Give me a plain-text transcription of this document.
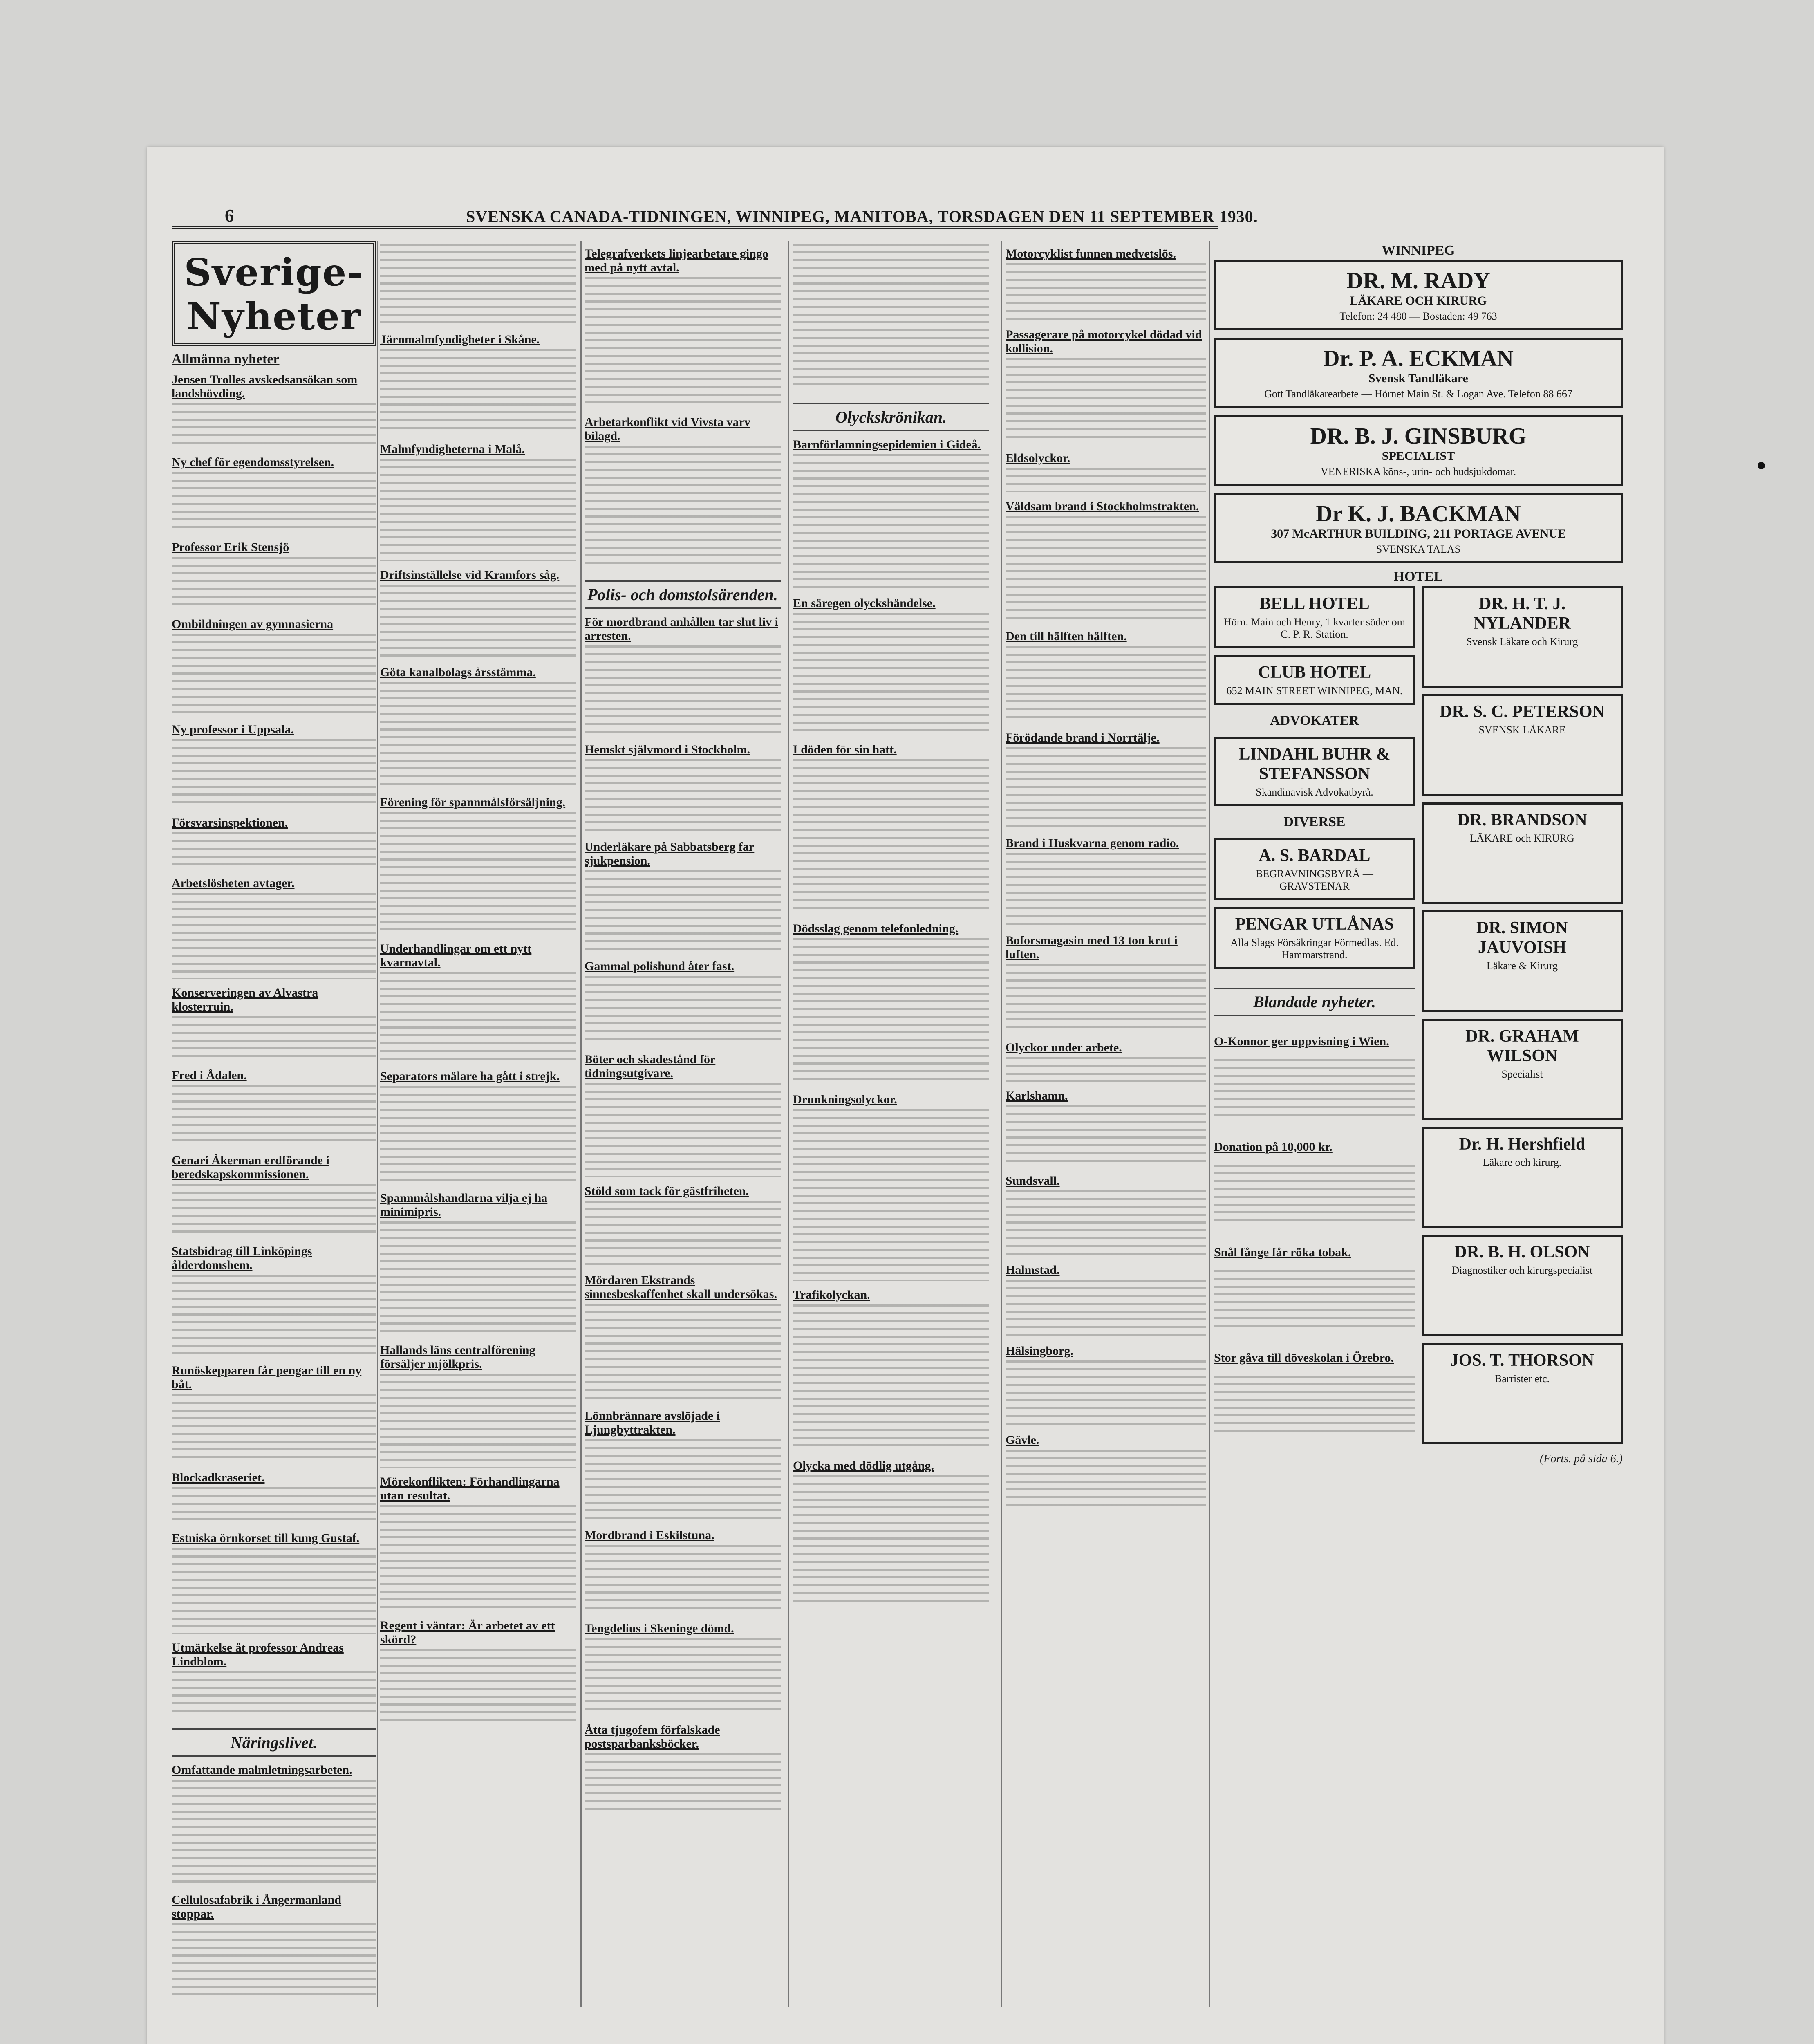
6	SVENSKA CANADA-TIDNINGEN, WINNIPEG, MANITOBA, TORSDAGEN DEN 11 SEPTEMBER 1930.
Sverige-Nyheter
Allmänna nyheter
Jensen Trolles avskedsansökan som landshövding.
Ny chef för egendomsstyrelsen.
Professor Erik Stensjö
Ombildningen av gymnasierna
Ny professor i Uppsala.
Försvarsinspektionen.
Arbetslösheten avtager.
Konserveringen av Alvastra klosterruin.
Fred i Ådalen.
Genari Åkerman erdförande i beredskapskommissionen.
Statsbidrag till Linköpings ålderdomshem.
Runöskepparen får pengar till en ny båt.
Blockadkraseriet.
Estniska örnkorset till kung Gustaf.
Utmärkelse åt professor Andreas Lindblom.
Näringslivet.
Omfattande malmletningsarbeten.
Cellulosafabrik i Ångermanland stoppar.
Järnmalmfyndigheter i Skåne.
Malmfyndigheterna i Malå.
Driftsinställelse vid Kramfors såg.
Göta kanalbolags årsstämma.
Förening för spannmålsförsäljning.
Underhandlingar om ett nytt kvarnavtal.
Separators mälare ha gått i strejk.
Spannmålshandlarna vilja ej ha minimipris.
Hallands läns centralförening försäljer mjölkpris.
Mörekonflikten: Förhandlingarna utan resultat.
Regent i väntar: Är arbetet av ett skörd?
Telegrafverkets linjearbetare gingo med på nytt avtal.
Arbetarkonflikt vid Vivsta varv bilagd.
Polis- och domstolsärenden.
För mordbrand anhållen tar slut liv i arresten.
Hemskt självmord i Stockholm.
Underläkare på Sabbatsberg far sjukpension.
Gammal polishund åter fast.
Böter och skadestånd för tidningsutgivare.
Stöld som tack för gästfriheten.
Mördaren Ekstrands sinnesbeskaffenhet skall undersökas.
Lönnbrännare avslöjade i Ljungbyttrakten.
Mordbrand i Eskilstuna.
Tengdelius i Skeninge dömd.
Åtta tjugofem förfalskade postsparbanksböcker.
Olyckskrönikan.
Barnförlamningsepidemien i Gideå.
En säregen olyckshändelse.
I döden för sin hatt.
Dödsslag genom telefonledning.
Drunkningsolyckor.
Trafikolyckan.
Olycka med dödlig utgång.
Motorcyklist funnen medvetslös.
Passagerare på motorcykel dödad vid kollision.
Eldsolyckor.
Väldsam brand i Stockholmstrakten.
Den till hälften hälften.
Förödande brand i Norrtälje.
Brand i Huskvarna genom radio.
Boforsmagasin med 13 ton krut i luften.
Olyckor under arbete.
Karlshamn.
Sundsvall.
Halmstad.
Hälsingborg.
Gävle.
WINNIPEG
DR. M. RADY
LÄKARE OCH KIRURG
Telefon: 24 480 — Bostaden: 49 763
Dr. P. A. ECKMAN
Svensk Tandläkare
Gott Tandläkarearbete — Hörnet Main St. & Logan Ave. Telefon 88 667
DR. B. J. GINSBURG
SPECIALIST
VENERISKA köns-, urin- och hudsjukdomar.
Dr K. J. BACKMAN
307 McARTHUR BUILDING, 211 PORTAGE AVENUE
SVENSKA TALAS
HOTEL
BELL HOTEL
Hörn. Main och Henry, 1 kvarter söder om C. P. R. Station.
CLUB HOTEL
652 MAIN STREET WINNIPEG, MAN.
ADVOKATER
LINDAHL BUHR & STEFANSSON
Skandinavisk Advokatbyrå.
DIVERSE
A. S. BARDAL
BEGRAVNINGSBYRÅ — GRAVSTENAR
PENGAR UTLÅNAS
Alla Slags Försäkringar Förmedlas. Ed. Hammarstrand.
Blandade nyheter.
O-Konnor ger uppvisning i Wien.
Donation på 10,000 kr.
Snål fånge får röka tobak.
Stor gåva till döveskolan i Örebro.
DR. H. T. J. NYLANDER
Svensk Läkare och Kirurg
DR. S. C. PETERSON
SVENSK LÄKARE
DR. BRANDSON
LÄKARE och KIRURG
DR. SIMON JAUVOISH
Läkare & Kirurg
DR. GRAHAM WILSON
Specialist
Dr. H. Hershfield
Läkare och kirurg.
DR. B. H. OLSON
Diagnostiker och kirurgspecialist
JOS. T. THORSON
Barrister etc.
(Forts. på sida 6.)
